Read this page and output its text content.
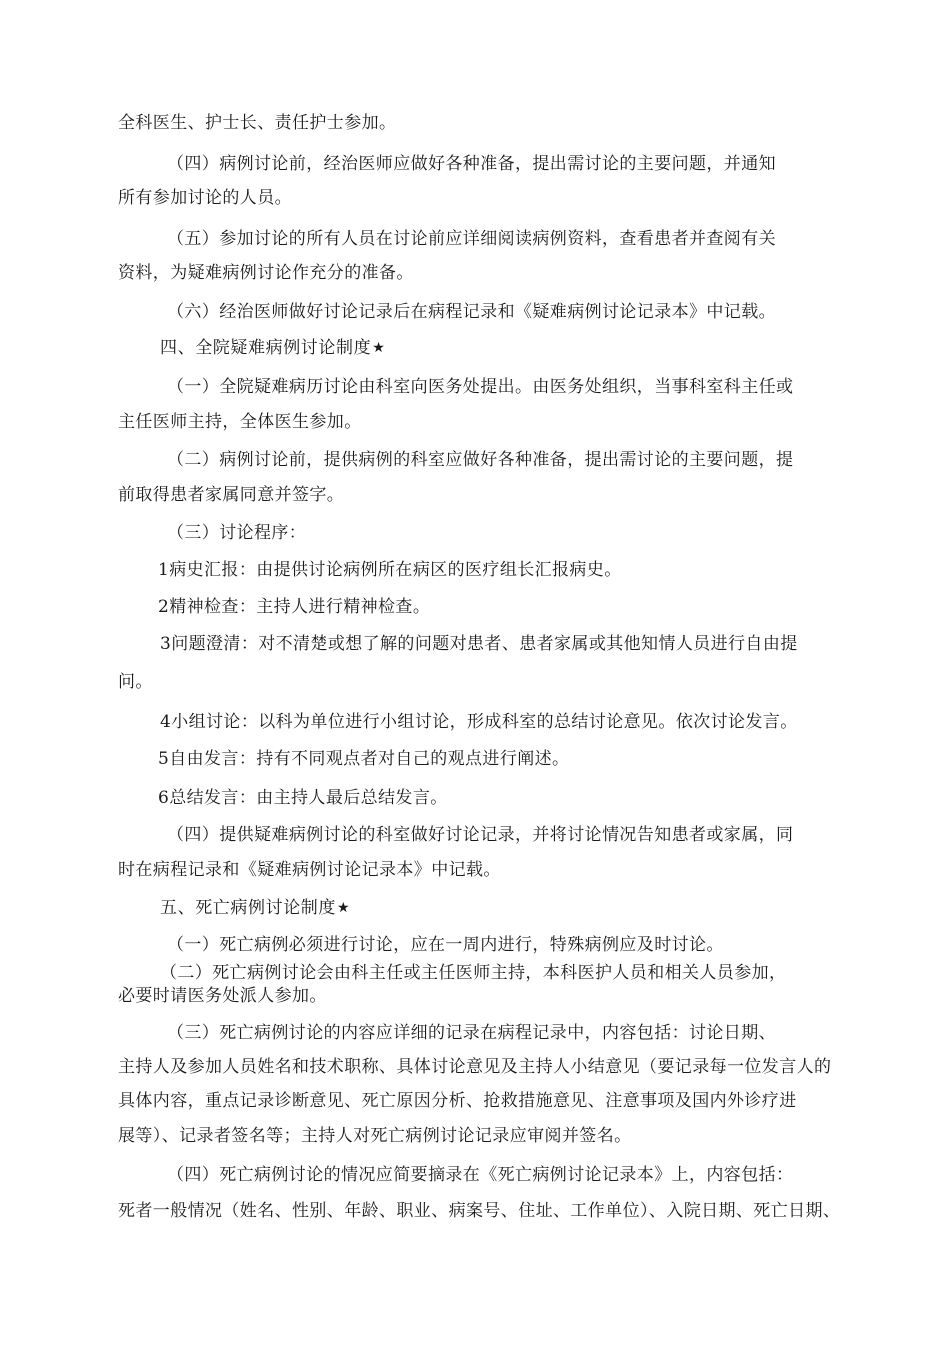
全科医生、护士长、责任护士参加。
（四）病例讨论前，经治医师应做好各种准备，提出需讨论的主要问题，并通知
所有参加讨论的人员。
（五）参加讨论的所有人员在讨论前应详细阅读病例资料，查看患者并查阅有关
资料，为疑难病例讨论作充分的准备。
（六）经治医师做好讨论记录后在病程记录和《疑难病例讨论记录本》中记载。
四、全院疑难病例讨论制度★
（一）全院疑难病历讨论由科室向医务处提出。由医务处组织，当事科室科主任或
主任医师主持，全体医生参加。
（二）病例讨论前，提供病例的科室应做好各种准备，提出需讨论的主要问题，提
前取得患者家属同意并签字。
（三）讨论程序：
1病史汇报：由提供讨论病例所在病区的医疗组长汇报病史。
2精神检查：主持人进行精神检查。
3问题澄清：对不清楚或想了解的问题对患者、患者家属或其他知情人员进行自由提
问。
4小组讨论：以科为单位进行小组讨论，形成科室的总结讨论意见。依次讨论发言。
5自由发言：持有不同观点者对自己的观点进行阐述。
6总结发言：由主持人最后总结发言。
（四）提供疑难病例讨论的科室做好讨论记录，并将讨论情况告知患者或家属，同
时在病程记录和《疑难病例讨论记录本》中记载。
五、死亡病例讨论制度★
（一）死亡病例必须进行讨论，应在一周内进行，特殊病例应及时讨论。
（二）死亡病例讨论会由科主任或主任医师主持，本科医护人员和相关人员参加，
必要时请医务处派人参加。
（三）死亡病例讨论的内容应详细的记录在病程记录中，内容包括：讨论日期、
主持人及参加人员姓名和技术职称、具体讨论意见及主持人小结意见（要记录每一位发言人的
具体内容，重点记录诊断意见、死亡原因分析、抢救措施意见、注意事项及国内外诊疗进
展等）、记录者签名等；主持人对死亡病例讨论记录应审阅并签名。
（四）死亡病例讨论的情况应简要摘录在《死亡病例讨论记录本》上，内容包括：
死者一般情况（姓名、性别、年龄、职业、病案号、住址、工作单位）、入院日期、死亡日期、
